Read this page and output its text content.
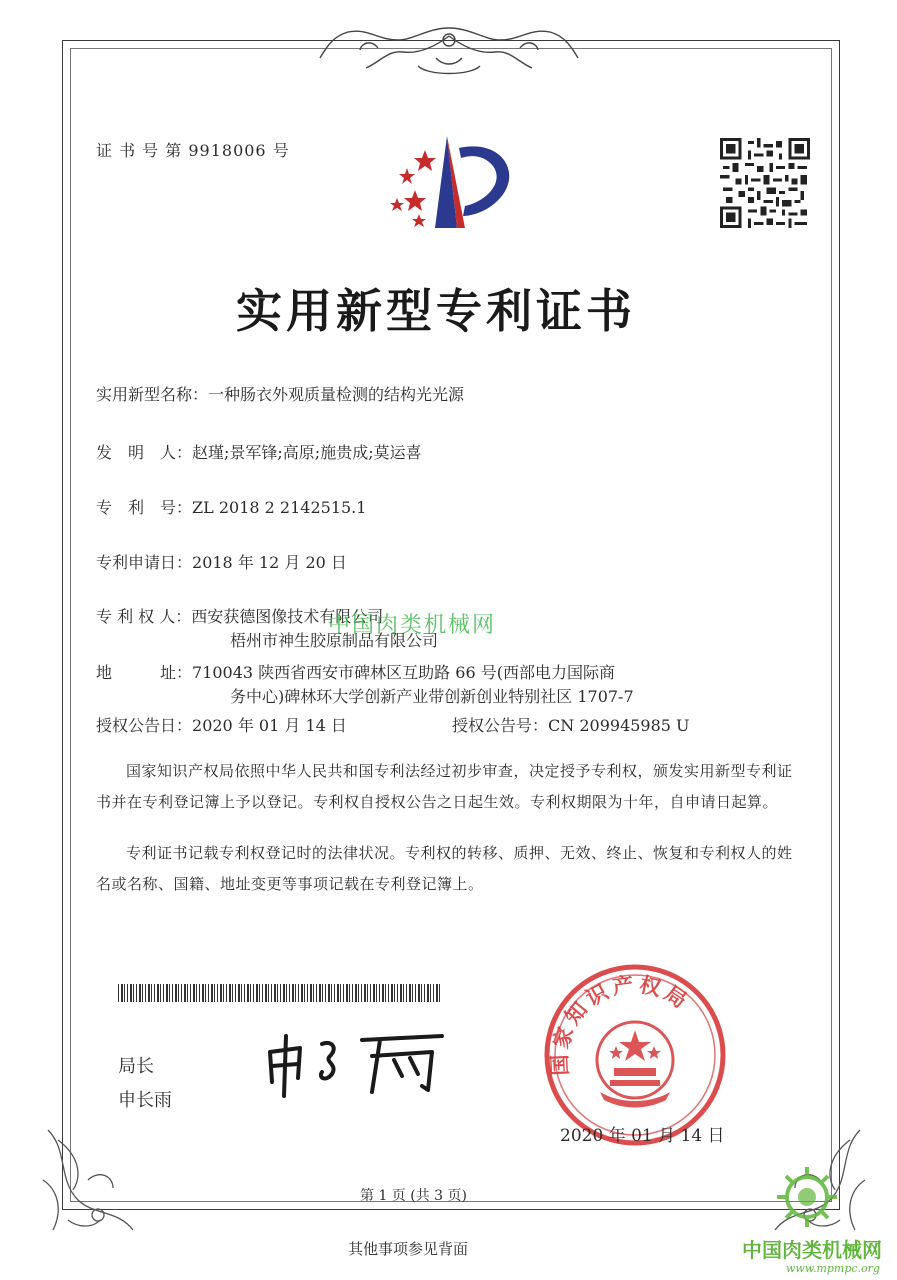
证 书 号 第 9918006 号
实用新型专利证书
实用新型名称：一种肠衣外观质量检测的结构光光源
发　明　人：赵瑾;景军锋;高原;施贵成;莫运喜
专　利　号：ZL 2018 2 2142515.1
专利申请日：2018 年 12 月 20 日
专 利 权 人：西安获德图像技术有限公司
梧州市神生胶原制品有限公司
地　　　址：710043 陕西省西安市碑林区互助路 66 号(西部电力国际商
务中心)碑林环大学创新产业带创新创业特别社区 1707-7
授权公告日：2020 年 01 月 14 日	授权公告号：CN 209945985 U
中国肉类机械网
国家知识产权局依照中华人民共和国专利法经过初步审查，决定授予专利权，颁发实用新型专利证书并在专利登记簿上予以登记。专利权自授权公告之日起生效。专利权期限为十年，自申请日起算。
专利证书记载专利权登记时的法律状况。专利权的转移、质押、无效、终止、恢复和专利权人的姓名或名称、国籍、地址变更等事项记载在专利登记簿上。
局长
申长雨
国家知识产权局
2020 年 01 月 14 日
第 1 页 (共 3 页)
其他事项参见背面	中国肉类机械网
www.mpmpc.org
